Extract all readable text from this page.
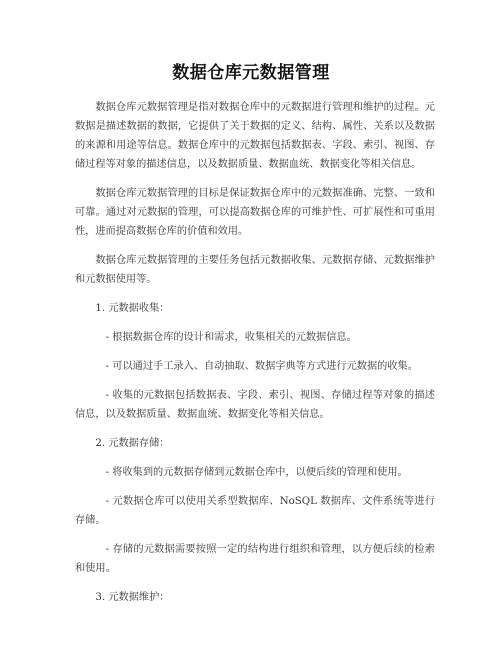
数据仓库元数据管理

数据仓库元数据管理是指对数据仓库中的元数据进行管理和维护的过程。元数据是描述数据的数据，它提供了关于数据的定义、结构、属性、关系以及数据的来源和用途等信息。数据仓库中的元数据包括数据表、字段、索引、视图、存储过程等对象的描述信息，以及数据质量、数据血统、数据变化等相关信息。

数据仓库元数据管理的目标是保证数据仓库中的元数据准确、完整、一致和可靠。通过对元数据的管理，可以提高数据仓库的可维护性、可扩展性和可重用性，进而提高数据仓库的价值和效用。

数据仓库元数据管理的主要任务包括元数据收集、元数据存储、元数据维护和元数据使用等。

1. 元数据收集：

- 根据数据仓库的设计和需求，收集相关的元数据信息。

- 可以通过手工录入、自动抽取、数据字典等方式进行元数据的收集。

- 收集的元数据包括数据表、字段、索引、视图、存储过程等对象的描述信息，以及数据质量、数据血统、数据变化等相关信息。

2. 元数据存储：

- 将收集到的元数据存储到元数据仓库中，以便后续的管理和使用。

- 元数据仓库可以使用关系型数据库、NoSQL 数据库、文件系统等进行存储。

- 存储的元数据需要按照一定的结构进行组织和管理，以方便后续的检索和使用。

3. 元数据维护：
